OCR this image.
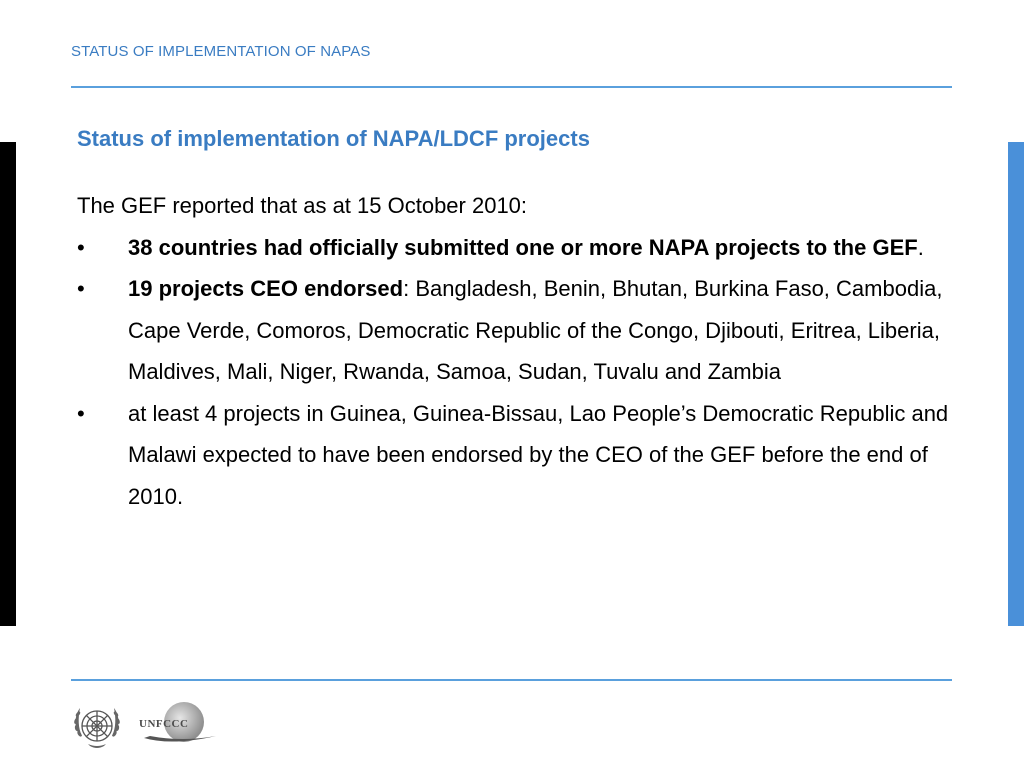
STATUS OF IMPLEMENTATION OF NAPAS
Status of implementation of NAPA/LDCF projects

The GEF reported that as at 15 October 2010:

• 38 countries had officially submitted one or more NAPA projects to the GEF.
• 19 projects CEO endorsed: Bangladesh, Benin, Bhutan, Burkina Faso, Cambodia, Cape Verde, Comoros, Democratic Republic of the Congo, Djibouti, Eritrea, Liberia, Maldives, Mali, Niger, Rwanda, Samoa, Sudan, Tuvalu and Zambia
• at least 4 projects in Guinea, Guinea-Bissau, Lao People’s Democratic Republic and Malawi expected to have been endorsed by the CEO of the GEF before the end of 2010.
UNFCCC
